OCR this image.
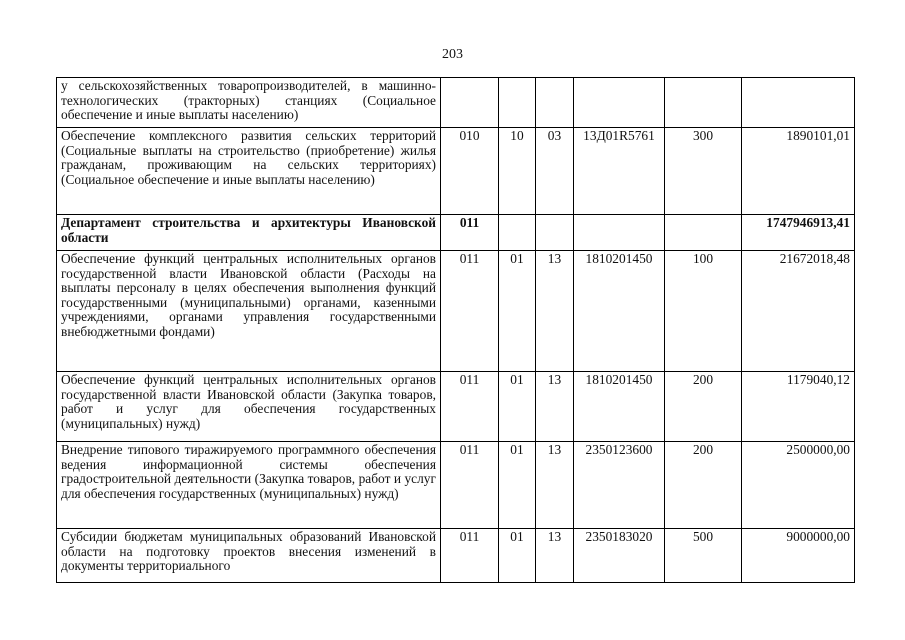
203
у сельскохозяйственных товаропроизводителей, в машинно-технологических (тракторных) станциях (Социальное обеспечение и иные выплаты населению)						
Обеспечение комплексного развития сельских территорий (Социальные выплаты на строительство (приобретение) жилья гражданам, проживающим на сельских территориях) (Социальное обеспечение и иные выплаты населению)	010	10	03	13Д01R5761	300	1890101,01
Департамент строительства и архитектуры Ивановской области	011					1747946913,41
Обеспечение функций центральных исполнительных органов государственной власти Ивановской области (Расходы на выплаты персоналу в целях обеспечения выполнения функций государственными (муниципальными) органами, казенными учреждениями, органами управления государственными внебюджетными фондами)	011	01	13	1810201450	100	21672018,48
Обеспечение функций центральных исполнительных органов государственной власти Ивановской области (Закупка товаров, работ и услуг для обеспечения государственных (муниципальных) нужд)	011	01	13	1810201450	200	1179040,12
Внедрение типового тиражируемого программного обеспечения ведения информационной системы обеспечения градостроительной деятельности (Закупка товаров, работ и услуг для обеспечения государственных (муниципальных) нужд)	011	01	13	2350123600	200	2500000,00
Субсидии бюджетам муниципальных образований Ивановской области на подготовку проектов внесения изменений в документы территориального	011	01	13	2350183020	500	9000000,00
